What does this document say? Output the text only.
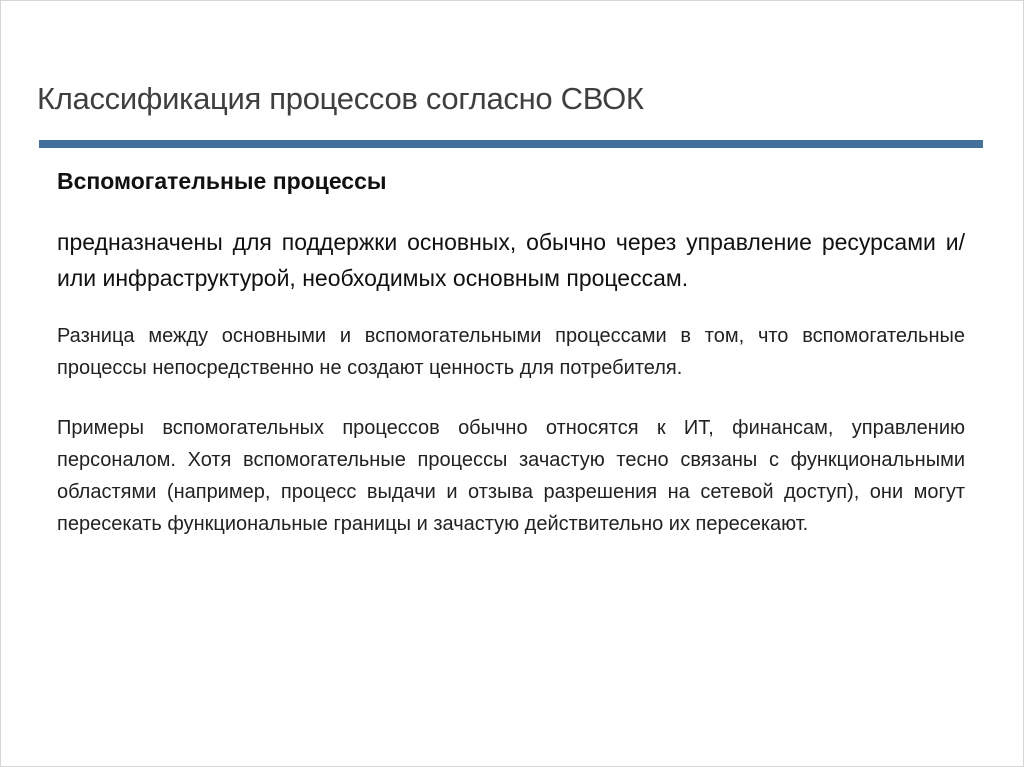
Классификация процессов согласно СВОК
Вспомогательные процессы

предназначены для поддержки основных, обычно через управление ресурсами и/или инфраструктурой, необходимых основным процессам.

Разница между основными и вспомогательными процессами в том, что вспомогательные процессы непосредственно не создают ценность для потребителя.

Примеры вспомогательных процессов обычно относятся к ИТ, финансам, управлению персоналом. Хотя вспомогательные процессы зачастую тесно связаны с функциональными областями (например, процесс выдачи и отзыва разрешения на сетевой доступ), они могут пересекать функциональные границы и зачастую действительно их пересекают.
